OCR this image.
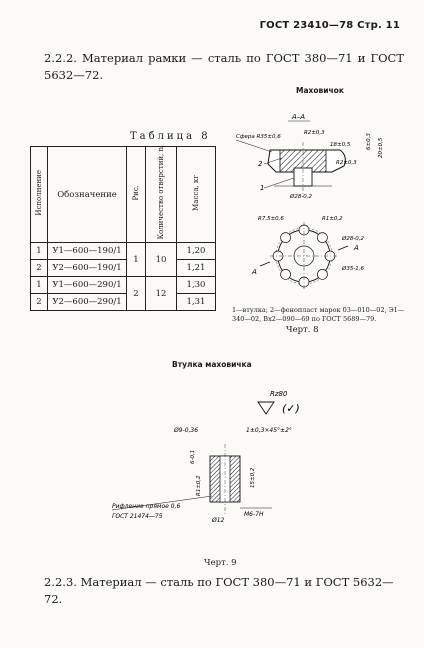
ГОСТ 23410—78 Стр. 11
2.2.2. Материал рамки — сталь по ГОСТ 380—71 и ГОСТ 5632—72.
Таблица 8
Исполнение	Обозначение	Рис.	Количество отверстий, n	Масса, кг
1	У1—600—190/1	1	10	1,20
2	У2—600—190/1			1,21
1	У1—600—290/1	2	12	1,30
2	У2—600—290/1			1,31
Маховичок
А–А
Сфера R35±0,6
R2±0,3
18±0,5
R2±0,3
20±0,5
6±0,3
Ø28-0,2
2
1
R7,5±0,6	R1±0,2
Ø28-0,2
Ø35-1,6
А
А
1—втулка; 2—фенопласт марок 03—010—02, Э1—340—02, Вх2—090—69 по ГОСТ 5689—79.
Черт. 8
Втулка маховичка
Rz80
(✓)
Ø9-0,36	1±0,3×45°±2°
6-0,1
R1±0,2	15±0,2
Ø12
М6-7Н
Рифление прямое 0,6
ГОСТ 21474—75
Черт. 9
2.2.3. Материал — сталь по ГОСТ 380—71 и ГОСТ 5632—72.
